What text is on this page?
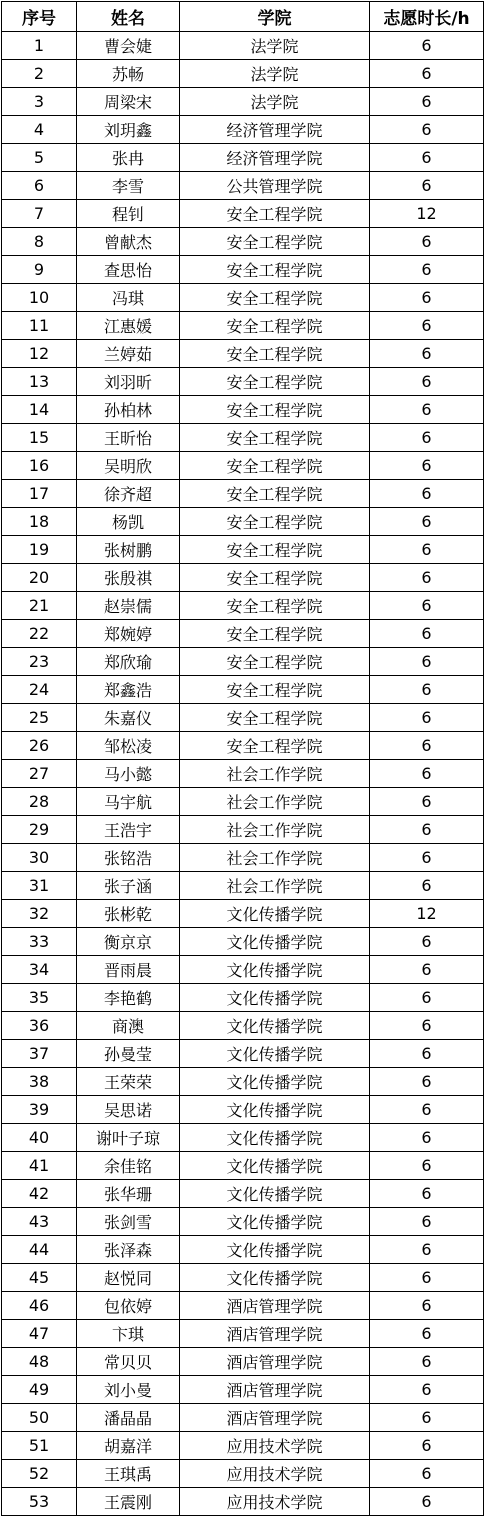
序号	姓名	学院	志愿时长/h
1	曹会婕	法学院	6
2	苏畅	法学院	6
3	周梁宋	法学院	6
4	刘玥鑫	经济管理学院	6
5	张冉	经济管理学院	6
6	李雪	公共管理学院	6
7	程钊	安全工程学院	12
8	曾献杰	安全工程学院	6
9	查思怡	安全工程学院	6
10	冯琪	安全工程学院	6
11	江惠媛	安全工程学院	6
12	兰婷茹	安全工程学院	6
13	刘羽昕	安全工程学院	6
14	孙柏林	安全工程学院	6
15	王昕怡	安全工程学院	6
16	吴明欣	安全工程学院	6
17	徐齐超	安全工程学院	6
18	杨凯	安全工程学院	6
19	张树鹏	安全工程学院	6
20	张殷祺	安全工程学院	6
21	赵崇儒	安全工程学院	6
22	郑婉婷	安全工程学院	6
23	郑欣瑜	安全工程学院	6
24	郑鑫浩	安全工程学院	6
25	朱嘉仪	安全工程学院	6
26	邹松凌	安全工程学院	6
27	马小懿	社会工作学院	6
28	马宇航	社会工作学院	6
29	王浩宇	社会工作学院	6
30	张铭浩	社会工作学院	6
31	张子涵	社会工作学院	6
32	张彬乾	文化传播学院	12
33	衡京京	文化传播学院	6
34	晋雨晨	文化传播学院	6
35	李艳鹤	文化传播学院	6
36	商澳	文化传播学院	6
37	孙曼莹	文化传播学院	6
38	王荣荣	文化传播学院	6
39	吴思诺	文化传播学院	6
40	谢叶子琼	文化传播学院	6
41	余佳铭	文化传播学院	6
42	张华珊	文化传播学院	6
43	张剑雪	文化传播学院	6
44	张泽森	文化传播学院	6
45	赵悦同	文化传播学院	6
46	包依婷	酒店管理学院	6
47	卞琪	酒店管理学院	6
48	常贝贝	酒店管理学院	6
49	刘小曼	酒店管理学院	6
50	潘晶晶	酒店管理学院	6
51	胡嘉洋	应用技术学院	6
52	王琪禹	应用技术学院	6
53	王震刚	应用技术学院	6
